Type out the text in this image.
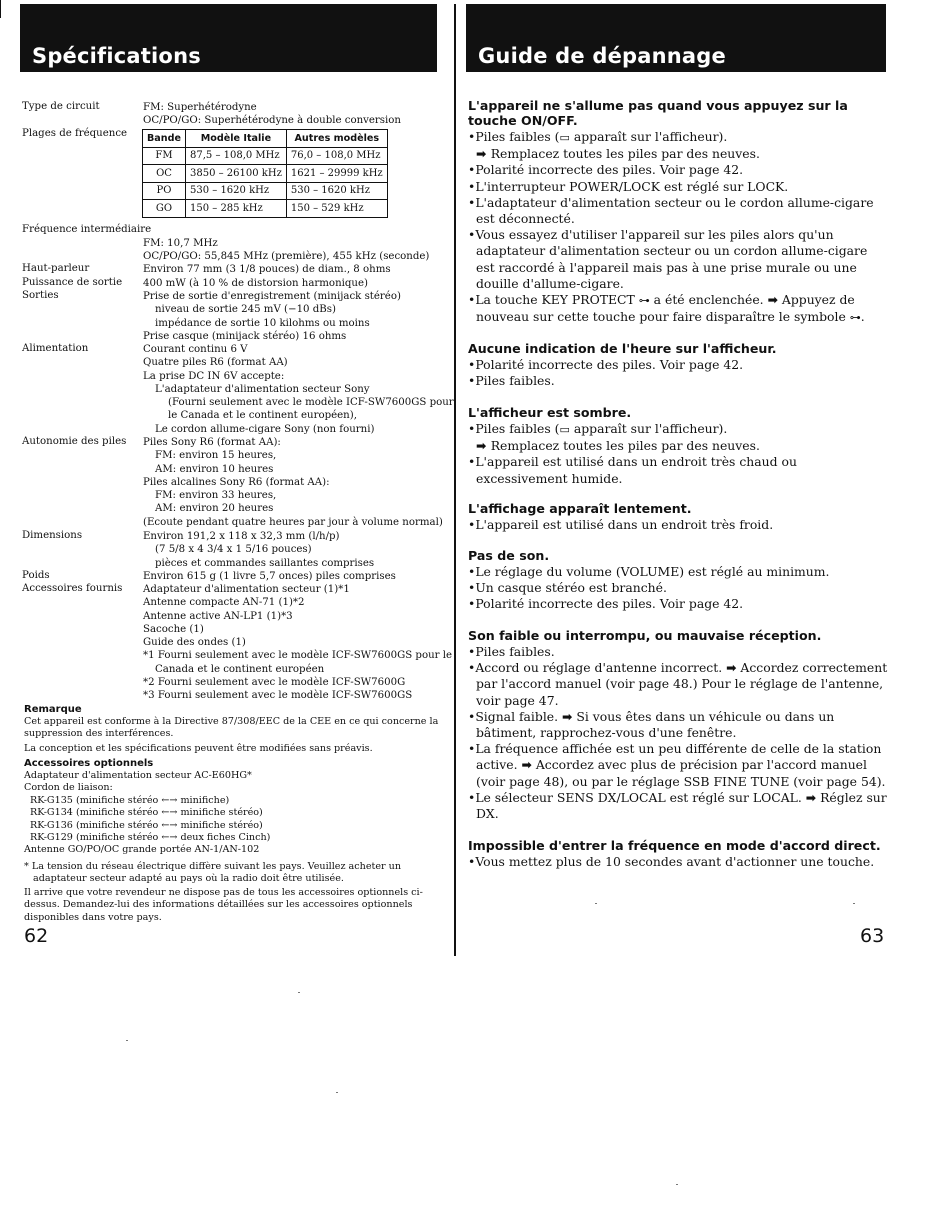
Spécifications	Guide de dépannage
Type de circuit	FM: Superhétérodyne
OC/PO/GO: Superhétérodyne à double conversion
Plages de fréquence
Fréquence intermédiaire
FM: 10,7 MHz
OC/PO/GO: 55,845 MHz (première), 455 kHz (seconde)
Haut-parleur	Environ 77 mm (3 1/8 pouces) de diam., 8 ohms
Puissance de sortie 400 mW (à 10 % de distorsion harmonique)
Sorties	Prise de sortie d'enregistrement (minijack stéréo)
niveau de sortie 245 mV (−10 dBs)
impédance de sortie 10 kilohms ou moins
Prise casque (minijack stéréo) 16 ohms
Alimentation	Courant continu 6 V
Quatre piles R6 (format AA)
La prise DC IN 6V accepte:
L'adaptateur d'alimentation secteur Sony
(Fourni seulement avec le modèle ICF-SW7600GS pour
le Canada et le continent européen),
Le cordon allume-cigare Sony (non fourni)
Autonomie des piles Piles Sony R6 (format AA):
FM: environ 15 heures,
AM: environ 10 heures
Piles alcalines Sony R6 (format AA):
FM: environ 33 heures,
AM: environ 20 heures
(Ecoute pendant quatre heures par jour à volume normal)
Dimensions	Environ 191,2 x 118 x 32,3 mm (l/h/p)
(7 5/8 x 4 3/4 x 1 5/16 pouces)
pièces et commandes saillantes comprises
Poids	Environ 615 g (1 livre 5,7 onces) piles comprises
Accessoires fournis Adaptateur d'alimentation secteur (1)*1
Antenne compacte AN-71 (1)*2
Antenne active AN-LP1 (1)*3
Sacoche (1)
Guide des ondes (1)
*1 Fourni seulement avec le modèle ICF-SW7600GS pour le
Canada et le continent européen
*2 Fourni seulement avec le modèle ICF-SW7600G
*3 Fourni seulement avec le modèle ICF-SW7600GS
Bande	Modèle Italie	Autres modèles
FM	87,5 – 108,0 MHz	76,0 – 108,0 MHz
OC	3850 – 26100 kHz	1621 – 29999 kHz
PO	530 – 1620 kHz	530 – 1620 kHz
GO	150 – 285 kHz	150 – 529 kHz
Remarque
Cet appareil est conforme à la Directive 87/308/EEC de la CEE en ce qui concerne la suppression des interférences.
La conception et les spécifications peuvent être modifiées sans préavis.
Accessoires optionnels
Adaptateur d'alimentation secteur AC-E60HG*
Cordon de liaison:
RK-G135 (minifiche stéréo ←→ minifiche)
RK-G134 (minifiche stéréo ←→ minifiche stéréo)
RK-G136 (minifiche stéréo ←→ minifiche stéréo)
RK-G129 (minifiche stéréo ←→ deux fiches Cinch)
Antenne GO/PO/OC grande portée AN-1/AN-102
* La tension du réseau électrique diffère suivant les pays. Veuillez acheter un adaptateur secteur adapté au pays où la radio doit être utilisée.
Il arrive que votre revendeur ne dispose pas de tous les accessoires optionnels ci-dessus. Demandez-lui des informations détaillées sur les accessoires optionnels disponibles dans votre pays.
62	63
L'appareil ne s'allume pas quand vous appuyez sur la touche ON/OFF.
•Piles faibles (▭ apparaît sur l'afficheur).
➡ Remplacez toutes les piles par des neuves.
•Polarité incorrecte des piles. Voir page 42.
•L'interrupteur POWER/LOCK est réglé sur LOCK.
•L'adaptateur d'alimentation secteur ou le cordon allume-cigare est déconnecté.
•Vous essayez d'utiliser l'appareil sur les piles alors qu'un adaptateur d'alimentation secteur ou un cordon allume-cigare est raccordé à l'appareil mais pas à une prise murale ou une douille d'allume-cigare.
•La touche KEY PROTECT ⊶ a été enclenchée. ➡ Appuyez de nouveau sur cette touche pour faire disparaître le symbole ⊶.
Aucune indication de l'heure sur l'afficheur.
•Polarité incorrecte des piles. Voir page 42.
•Piles faibles.
L'afficheur est sombre.
•Piles faibles (▭ apparaît sur l'afficheur).
➡ Remplacez toutes les piles par des neuves.
•L'appareil est utilisé dans un endroit très chaud ou excessivement humide.
L'affichage apparaît lentement.
•L'appareil est utilisé dans un endroit très froid.
Pas de son.
•Le réglage du volume (VOLUME) est réglé au minimum.
•Un casque stéréo est branché.
•Polarité incorrecte des piles. Voir page 42.
Son faible ou interrompu, ou mauvaise réception.
•Piles faibles.
•Accord ou réglage d'antenne incorrect. ➡ Accordez correctement par l'accord manuel (voir page 48.) Pour le réglage de l'antenne, voir page 47.
•Signal faible. ➡ Si vous êtes dans un véhicule ou dans un bâtiment, rapprochez-vous d'une fenêtre.
•La fréquence affichée est un peu différente de celle de la station active. ➡ Accordez avec plus de précision par l'accord manuel (voir page 48), ou par le réglage SSB FINE TUNE (voir page 54).
•Le sélecteur SENS DX/LOCAL est réglé sur LOCAL. ➡ Réglez sur DX.
Impossible d'entrer la fréquence en mode d'accord direct.
•Vous mettez plus de 10 secondes avant d'actionner une touche.
